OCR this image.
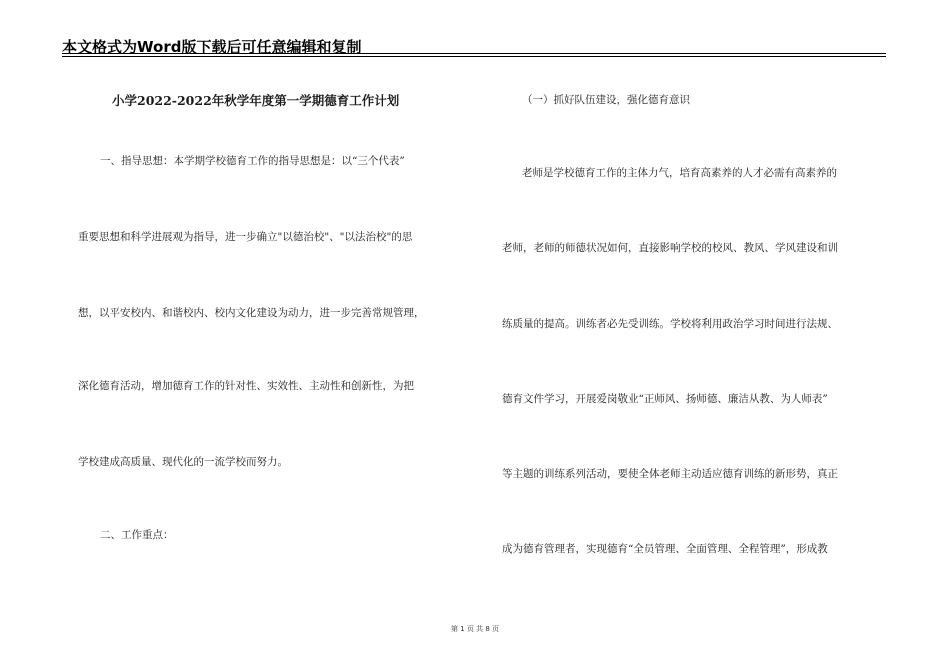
本文格式为Word版下载后可任意编辑和复制
小学2022-2022年秋学年度第一学期德育工作计划
一、指导思想：本学期学校德育工作的指导思想是：以“三个代表”
重要思想和科学进展观为指导，进一步确立"以德治校"、"以法治校"的思
想，以平安校内、和谐校内、校内文化建设为动力，进一步完善常规管理，
深化德育活动，增加德育工作的针对性、实效性、主动性和创新性，为把
学校建成高质量、现代化的一流学校而努力。
二、工作重点：
（一）抓好队伍建设，强化德育意识
老师是学校德育工作的主体力气，培育高素养的人才必需有高素养的
老师，老师的师德状况如何，直接影响学校的校风、教风、学风建设和训
练质量的提高。训练者必先受训练。学校将利用政治学习时间进行法规、
德育文件学习，开展爱岗敬业“正师风、扬师德、廉洁从教、为人师表”
等主题的训练系列活动，要使全体老师主动适应德育训练的新形势，真正
成为德育管理者，实现德育“全员管理、全面管理、全程管理”，形成教
第 1 页 共 8 页
